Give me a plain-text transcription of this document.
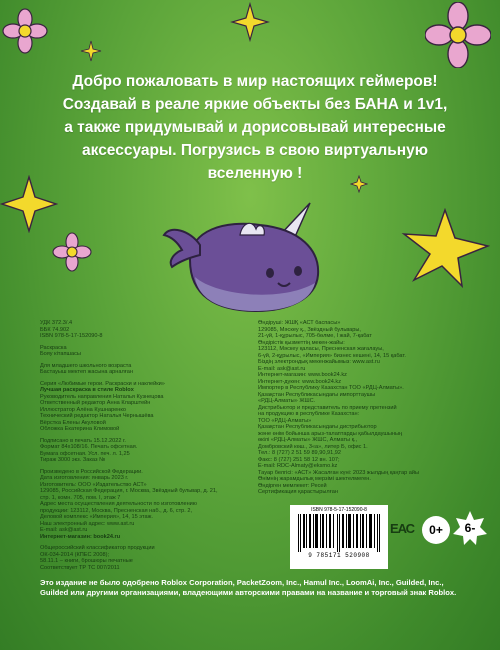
Добро пожаловать в мир настоящих геймеров!

Создавай в реале яркие объекты без БАНА и 1v1,

а также придумывай и дорисовывай интересные

аксессуары. Погрузись в свою виртуальную

вселенную !

УДК 372.3/.4
ББК 74.902
ISBN 978-5-17-152090-8
Раскраска
Бояу кітапшасы
Для младшего школьного возраста
Бастауыш мектеп жасына арналған
Серия «Любимые герои. Раскраски и наклейки»
Лучшая раскраска в стиле Roblox
Руководитель направления Наталья Кузнецова
Ответственный редактор Анна Кларштейн
Иллюстратор Алёна Кушнаренко
Технический редактор Наталья Чернышёва
Вёрстка Елены Акуловой
Обложка Екатерина Климовой
Подписано в печать 15.12.2022 г.
Формат 84х108/16. Печать офсетная.
Бумага офсетная. Усл. печ. л. 1,25
Тираж 3000 экз. Заказ №
Произведено в Российской Федерации.
Дата изготовления: январь 2023 г.
Изготовитель: ООО «Издательство АСТ»
129085, Российская Федерация, г. Москва, Звёздный бульвар, д. 21,
стр. 1, комн. 705, пом. I, этаж 7
Адрес места осуществления деятельности по изготовлению
продукции: 123112, Москва, Пресненская наб., д. 6, стр. 2,
Деловой комплекс «Империя», 14, 15 этаж.
Наш электронный адрес: www.ast.ru
E-mail: ask@ast.ru
Интернет-магазин: book24.ru
Общероссийский классификатор продукции
ОК-034-2014 (КПЕС 2008);
58.11.1 – книги, брошюры печатные
Соответствует ТР ТС 007/2011
Өндіруші: ЖШҚ «АСТ баспасы»
129085, Мәскеу қ., Звёздный бульвары,
21-үй, 1-құрылыс, 705-бөлме, I жай, 7-қабат
Өндірістік қызметтің мекен-жайы:
123112, Мәскеу қаласы, Пресненская жағалауы,
6-үй, 2-құрылыс, «Империя» бизнес кешені, 14, 15 қабат.
Біздің электрондық мекенжайымыз: www.ast.ru
E-mail: ask@ast.ru
Интернет-магазин: www.book24.kz
Интернет-дүкен: www.book24.kz
Импортер в Республику Казахстан ТОО «РДЦ-Алматы».
Қазақстан Республикасындағы импорттаушы
«РДЦ-Алматы» ЖШС.
Дистрибьютор и представитель по приему претензий
на продукцию в республике Казахстан:
ТОО «РДЦ-Алматы»
Қазақстан Республикасындағы дистрибьютор
және өнім бойынша арыз-талаптарды қабылдаушының
өкілі «РДЦ-Алматы» ЖШС, Алматы қ.,
Домбровский көш., 3«а», литер Б, офис 1.
Тел.: 8 (727) 2 51 59 89,90,91,92
Факс: 8 (727) 251 58 12 вн. 107;
E-mail: RDC-Almaty@eksmo.kz
Тауар белгісі: «АСТ» Жасалған күні: 2023 жылдың қаңтар айы
Өнімнің жарамдылық мерзімі шектелмеген.
Өндірген мемлекет: Ресей
Сертификация қарастырылған
ISBN 978-5-17-152090-8
9 785171 520908
ЕАС	0+	6-
Это издание не было одобрено Roblox Corporation, PacketZoom, Inc., Hamul Inc., LoomAi, Inc., Guilded, Inc., Guilded или другими организациями, владеющими авторскими правами на название и торговый знак Roblox.
